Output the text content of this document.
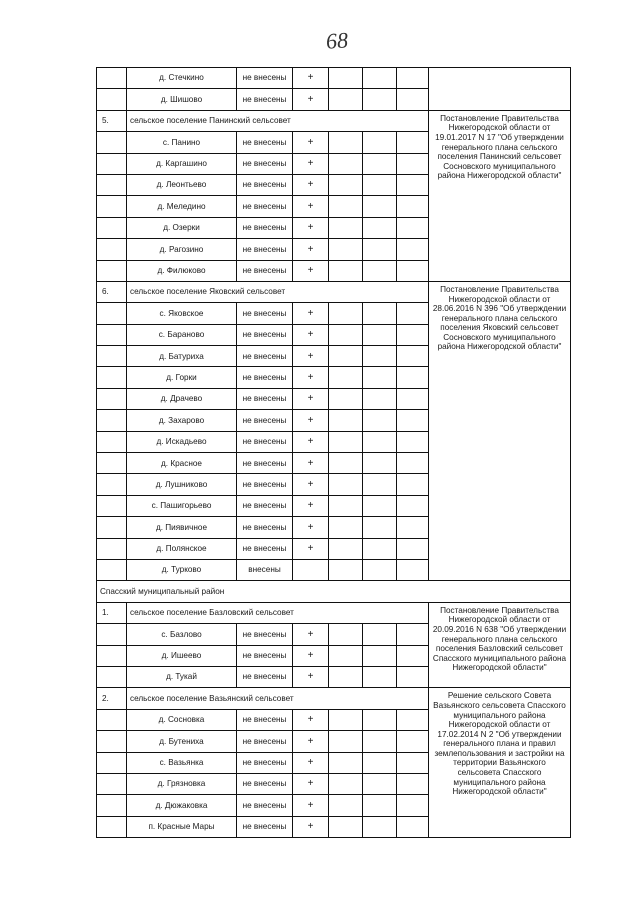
68
	д. Стечкино	не внесены	+				
	д. Шишово	не внесены	+				
5.	сельское поселение Панинский сельсовет						Постановление Правительства Нижегородской области от 19.01.2017 N 17 "Об утверждении генерального плана сельского поселения Панинский сельсовет Сосновского муниципального района Нижегородской области"
	с. Панино	не внесены	+				
	д. Каргашино	не внесены	+				
	д. Леонтьево	не внесены	+				
	д. Меледино	не внесены	+				
	д. Озерки	не внесены	+				
	д. Рагозино	не внесены	+				
	д. Филюково	не внесены	+				
6.	сельское поселение Яковский сельсовет						Постановление Правительства Нижегородской области от 28.06.2016 N 396 "Об утверждении генерального плана сельского поселения Яковский сельсовет Сосновского муниципального района Нижегородской области"
	с. Яковское	не внесены	+				
	с. Бараново	не внесены	+				
	д. Батуриха	не внесены	+				
	д. Горки	не внесены	+				
	д. Драчево	не внесены	+				
	д. Захарово	не внесены	+				
	д. Искадьево	не внесены	+				
	д. Красное	не внесены	+				
	д. Лушниково	не внесены	+				
	с. Пашигорьево	не внесены	+				
	д. Пиявичное	не внесены	+				
	д. Полянское	не внесены	+				
	д. Турково	внесены					
Спасский муниципальный район							
1.	сельское поселение Базловский сельсовет						Постановление Правительства Нижегородской области от 20.09.2016 N 638 "Об утверждении генерального плана сельского поселения Базловский сельсовет Спасского муниципального района Нижегородской области"
	с. Базлово	не внесены	+				
	д. Ишеево	не внесены	+				
	д. Тукай	не внесены	+				
2.	сельское поселение Вазьянский сельсовет						Решение сельского Совета Вазьянского сельсовета Спасского муниципального района Нижегородской области от 17.02.2014 N 2 "Об утверждении генерального плана и правил землепользования и застройки на территории Вазьянского сельсовета Спасского муниципального района Нижегородской области"
	д. Сосновка	не внесены	+				
	д. Бутениха	не внесены	+				
	с. Вазьянка	не внесены	+				
	д. Грязновка	не внесены	+				
	д. Дюжаковка	не внесены	+				
	п. Красные Мары	не внесены	+				
